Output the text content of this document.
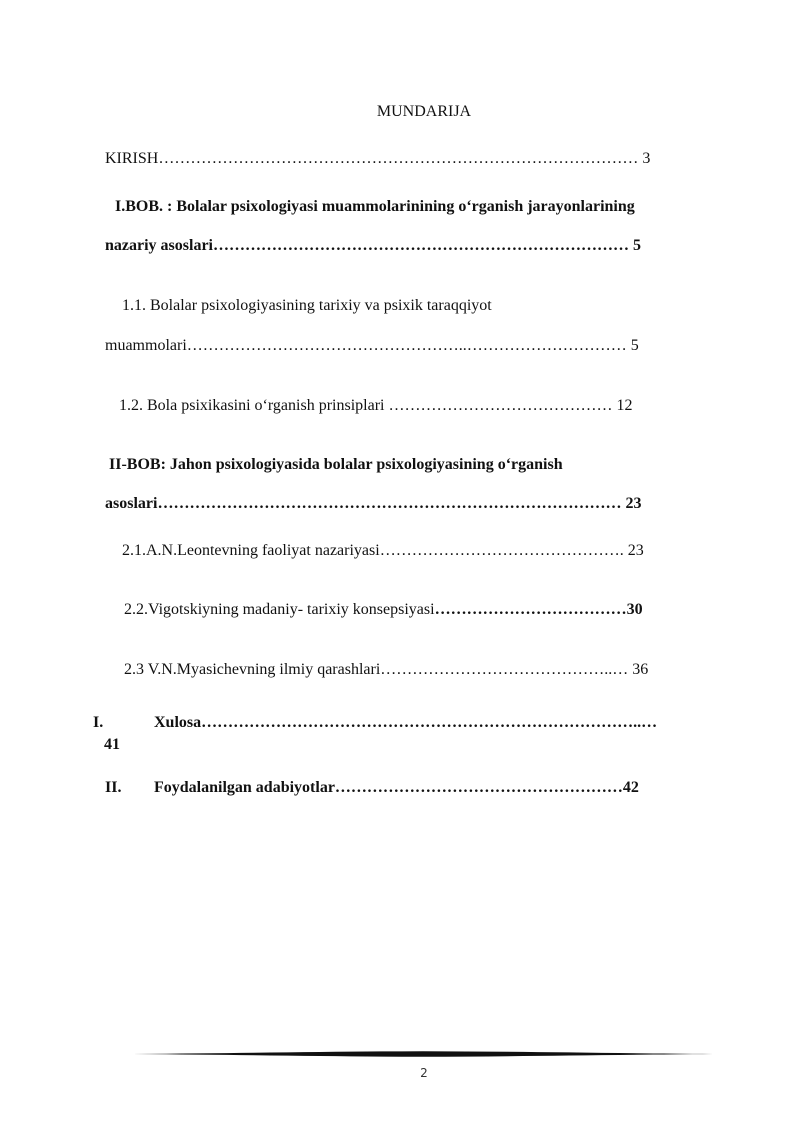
MUNDARIJA
KIRISH……………………………………………………………………………… 3
I.BOB. : Bolalar psixologiyasi muammolarinining o‘rganish jarayonlarining
nazariy asoslari…………………………………………………………………… 5
1.1. Bolalar psixologiyasining tarixiy va psixik taraqqiyot
muammolari……………………………………………..………………………… 5
1.2. Bola psixikasini o‘rganish prinsiplari …………………………………… 12
II-BOB: Jahon psixologiyasida bolalar psixologiyasining o‘rganish
asoslari…………………………………………………………………………… 23
2.1.A.N.Leontevning faoliyat nazariyasi………………………………………. 23
2.2.Vigotskiyning madaniy- tarixiy konsepsiyasi………………………………30
2.3 V.N.Myasichevning ilmiy qarashlari……………………………………..… 36
I.	Xulosa………………………………………………………………………..…
41
II. Foydalanilgan adabiyotlar………………………………………………42
2
